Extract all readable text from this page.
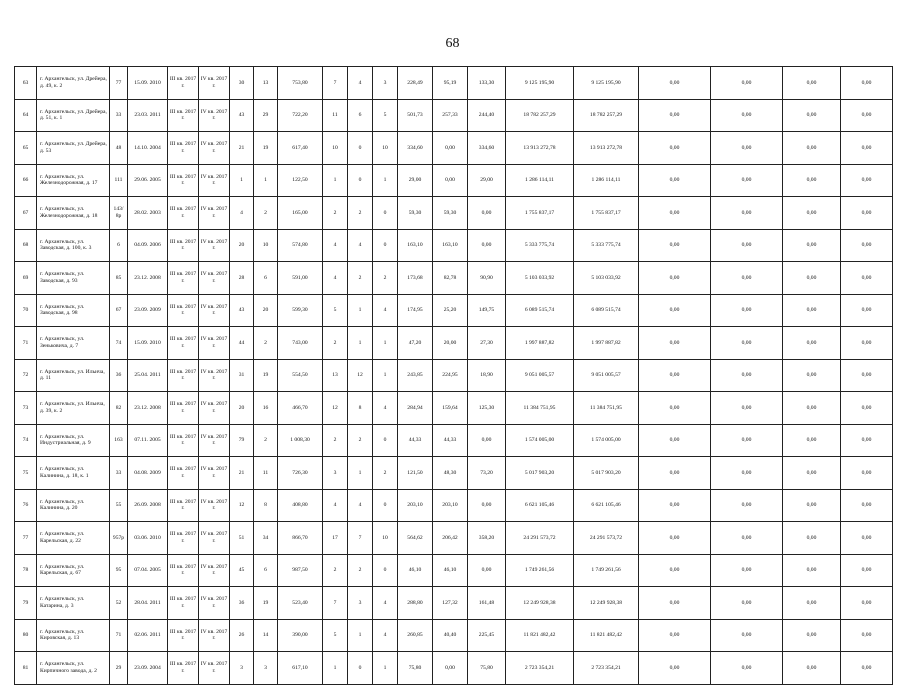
68
63	г. Архангельск, ул. Дрейера, д. 49, к. 2	77	15.09. 2010	III кв. 2017 г.	IV кв. 2017 г.	30	13	753,80	7	4	3	228,49	95,19	133,30	9 125 195,90	9 125 195,90	0,00	0,00	0,00	0,00
64	г. Архангельск, ул. Дрейера, д. 51, к. 1	33	23.03. 2011	III кв. 2017 г.	IV кв. 2017 г.	43	29	722,20	11	6	5	501,73	257,33	244,40	18 782 257,29	18 782 257,29	0,00	0,00	0,00	0,00
65	г. Архангельск, ул. Дрейера, д. 53	48	14.10. 2004	III кв. 2017 г.	IV кв. 2017 г.	21	19	617,40	10	0	10	334,60	0,00	334,60	13 913 272,78	13 913 272,78	0,00	0,00	0,00	0,00
66	г. Архангельск, ул. Железнодорожная, д. 17	111	29.06. 2005	III кв. 2017 г.	IV кв. 2017 г.	1	1	122,50	1	0	1	29,00	0,00	29,00	1 286 114,11	1 286 114,11	0,00	0,00	0,00	0,00
67	г. Архангельск, ул. Железнодорожная, д. 18	143/ 8р	28.02. 2003	III кв. 2017 г.	IV кв. 2017 г.	4	2	165,00	2	2	0	59,30	59,30	0,00	1 755 837,17	1 755 837,17	0,00	0,00	0,00	0,00
68	г. Архангельск, ул. Заводская, д. 100, к. 3	6	04.09. 2006	III кв. 2017 г.	IV кв. 2017 г.	20	10	574,80	4	4	0	163,10	163,10	0,00	5 333 775,74	5 333 775,74	0,00	0,00	0,00	0,00
69	г. Архангельск, ул. Заводская, д. 93	85	23.12. 2008	III кв. 2017 г.	IV кв. 2017 г.	28	6	591,00	4	2	2	173,68	82,78	90,90	5 103 033,92	5 103 033,92	0,00	0,00	0,00	0,00
70	г. Архангельск, ул. Заводская, д. 98	67	23.09. 2009	III кв. 2017 г.	IV кв. 2017 г.	43	20	599,30	5	1	4	174,95	25,20	149,75	6 089 515,74	6 089 515,74	0,00	0,00	0,00	0,00
71	г. Архангельск, ул. Зеньковича, д. 7	74	15.09. 2010	III кв. 2017 г.	IV кв. 2017 г.	44	2	743,00	2	1	1	47,20	20,00	27,30	1 997 887,82	1 997 887,82	0,00	0,00	0,00	0,00
72	г. Архангельск, ул. Ильича, д. 11	36	25.04. 2011	III кв. 2017 г.	IV кв. 2017 г.	31	19	554,50	13	12	1	243,85	224,95	18,90	9 051 005,57	9 051 005,57	0,00	0,00	0,00	0,00
73	г. Архангельск, ул. Ильича, д. 39, к. 2	82	23.12. 2008	III кв. 2017 г.	IV кв. 2017 г.	20	16	466,70	12	8	4	284,94	159,64	125,30	11 384 751,95	11 384 751,95	0,00	0,00	0,00	0,00
74	г. Архангельск, ул. Индустриальная, д. 9	163	07.11. 2005	III кв. 2017 г.	IV кв. 2017 г.	79	2	1 008,30	2	2	0	44,33	44,33	0,00	1 574 005,00	1 574 005,00	0,00	0,00	0,00	0,00
75	г. Архангельск, ул. Калинина, д. 18, к. 1	33	04.08. 2009	III кв. 2017 г.	IV кв. 2017 г.	21	11	726,30	3	1	2	121,50	48,30	73,20	5 017 903,20	5 017 903,20	0,00	0,00	0,00	0,00
76	г. Архангельск, ул. Калинина, д. 20	55	26.09. 2008	III кв. 2017 г.	IV кв. 2017 г.	12	8	408,80	4	4	0	203,10	203,10	0,00	6 621 105,46	6 621 105,46	0,00	0,00	0,00	0,00
77	г. Архангельск, ул. Карельская, д. 22	957р	03.06. 2010	III кв. 2017 г.	IV кв. 2017 г.	51	34	866,70	17	7	10	564,62	206,42	358,20	24 291 573,72	24 291 573,72	0,00	0,00	0,00	0,00
78	г. Архангельск, ул. Карельская, д. 67	95	07.04. 2005	III кв. 2017 г.	IV кв. 2017 г.	45	6	987,50	2	2	0	46,10	46,10	0,00	1 749 261,56	1 749 261,56	0,00	0,00	0,00	0,00
79	г. Архангельск, ул. Катарина, д. 3	52	28.04. 2011	III кв. 2017 г.	IV кв. 2017 г.	36	19	523,40	7	3	4	288,80	127,32	161,48	12 249 928,38	12 249 928,38	0,00	0,00	0,00	0,00
80	г. Архангельск, ул. Кировская, д. 13	71	02.06. 2011	III кв. 2017 г.	IV кв. 2017 г.	26	14	390,00	5	1	4	260,85	40,40	225,45	11 821 482,42	11 821 482,42	0,00	0,00	0,00	0,00
81	г. Архангельск, ул. Кирпичного завода, д. 2	29	23.09. 2004	III кв. 2017 г.	IV кв. 2017 г.	3	3	617,10	1	0	1	75,80	0,00	75,80	2 723 354,21	2 723 354,21	0,00	0,00	0,00	0,00
